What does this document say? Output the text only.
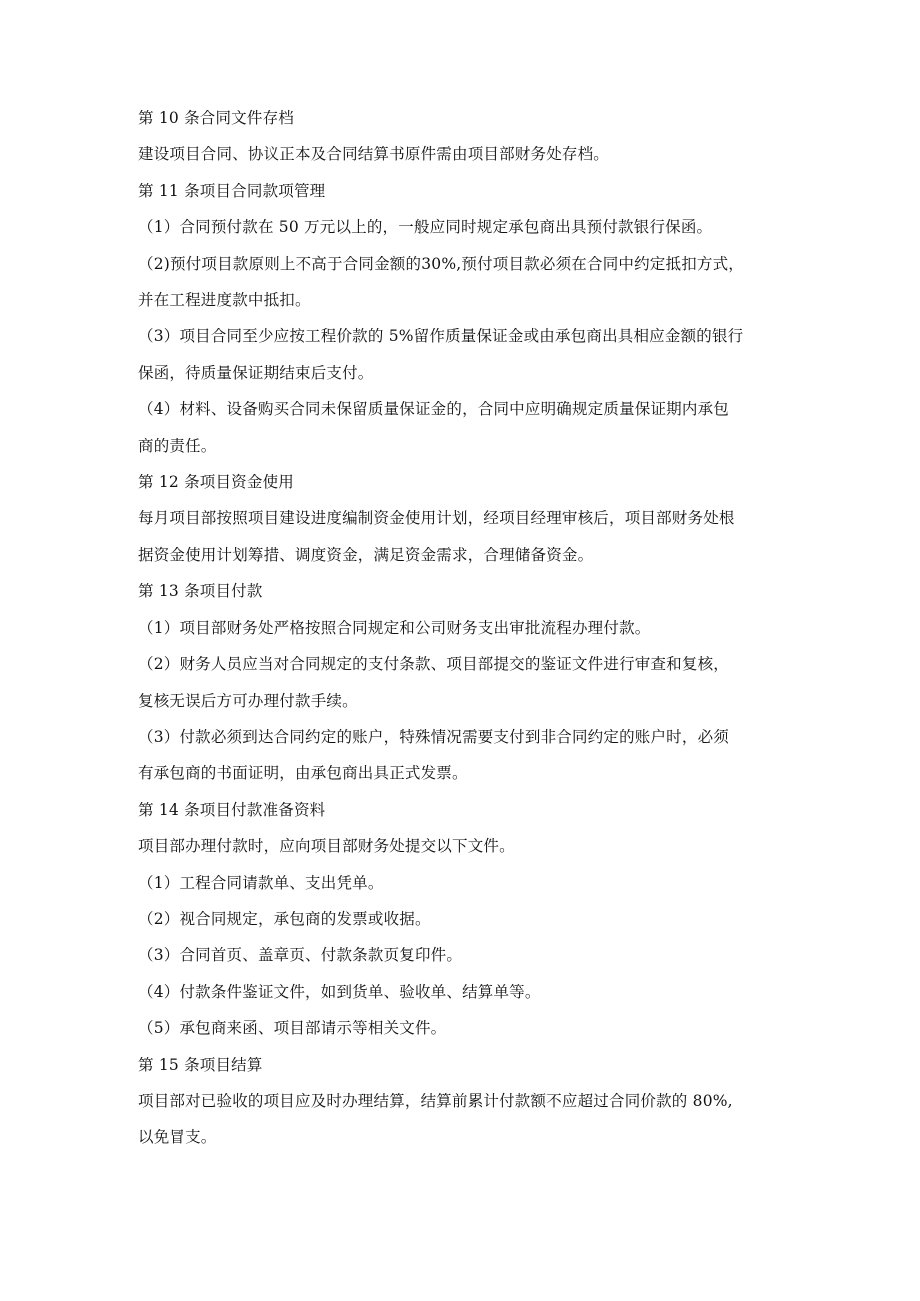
第 10 条合同文件存档
建设项目合同、协议正本及合同结算书原件需由项目部财务处存档。
第 11 条项目合同款项管理
（1）合同预付款在 50 万元以上的，一般应同时规定承包商出具预付款银行保函。
（2)预付项目款原则上不高于合同金额的30%,预付项目款必须在合同中约定抵扣方式，
并在工程进度款中抵扣。
（3）项目合同至少应按工程价款的 5%留作质量保证金或由承包商出具相应金额的银行
保函，待质量保证期结束后支付。
（4）材料、设备购买合同未保留质量保证金的，合同中应明确规定质量保证期内承包
商的责任。
第 12 条项目资金使用
每月项目部按照项目建设进度编制资金使用计划，经项目经理审核后，项目部财务处根
据资金使用计划筹措、调度资金，满足资金需求，合理储备资金。
第 13 条项目付款
（1）项目部财务处严格按照合同规定和公司财务支出审批流程办理付款。
（2）财务人员应当对合同规定的支付条款、项目部提交的鉴证文件进行审查和复核，
复核无误后方可办理付款手续。
（3）付款必须到达合同约定的账户，特殊情况需要支付到非合同约定的账户时，必须
有承包商的书面证明，由承包商出具正式发票。
第 14 条项目付款准备资料
项目部办理付款时，应向项目部财务处提交以下文件。
（1）工程合同请款单、支出凭单。
（2）视合同规定，承包商的发票或收据。
（3）合同首页、盖章页、付款条款页复印件。
（4）付款条件鉴证文件，如到货单、验收单、结算单等。
（5）承包商来函、项目部请示等相关文件。
第 15 条项目结算
项目部对已验收的项目应及时办理结算，结算前累计付款额不应超过合同价款的 80%,
以免冒支。
